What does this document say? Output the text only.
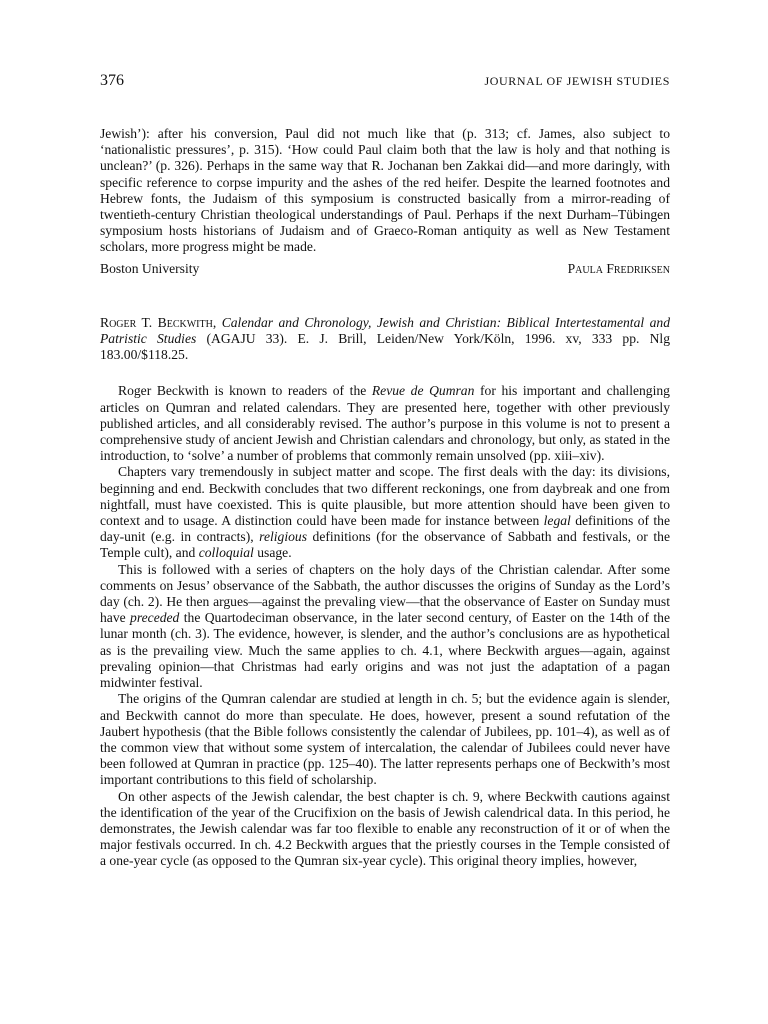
376	JOURNAL OF JEWISH STUDIES

Jewish’): after his conversion, Paul did not much like that (p. 313; cf. James, also subject to ‘nationalistic pressures’, p. 315). ‘How could Paul claim both that the law is holy and that nothing is unclean?’ (p. 326). Perhaps in the same way that R. Jochanan ben Zakkai did—and more daringly, with specific reference to corpse impurity and the ashes of the red heifer. Despite the learned footnotes and Hebrew fonts, the Judaism of this symposium is constructed basically from a mirror-reading of twentieth-century Christian theological understandings of Paul. Perhaps if the next Durham–Tübingen symposium hosts historians of Judaism and of Graeco-Roman antiquity as well as New Testament scholars, more progress might be made.

Boston University	Paula Fredriksen

Roger T. Beckwith, Calendar and Chronology, Jewish and Christian: Biblical Intertestamental and Patristic Studies (AGAJU 33). E. J. Brill, Leiden/New York/Köln, 1996. xv, 333 pp. Nlg 183.00/$118.25.

Roger Beckwith is known to readers of the Revue de Qumran for his important and challenging articles on Qumran and related calendars. They are presented here, together with other previously published articles, and all considerably revised. The author’s purpose in this volume is not to present a comprehensive study of ancient Jewish and Christian calendars and chronology, but only, as stated in the introduction, to ‘solve’ a number of problems that commonly remain unsolved (pp. xiii–xiv).

Chapters vary tremendously in subject matter and scope. The first deals with the day: its divisions, beginning and end. Beckwith concludes that two different reckonings, one from daybreak and one from nightfall, must have coexisted. This is quite plausible, but more attention should have been given to context and to usage. A distinction could have been made for instance between legal definitions of the day-unit (e.g. in contracts), religious definitions (for the observance of Sabbath and festivals, or the Temple cult), and colloquial usage.

This is followed with a series of chapters on the holy days of the Christian calendar. After some comments on Jesus’ observance of the Sabbath, the author discusses the origins of Sunday as the Lord’s day (ch. 2). He then argues—against the prevaling view—that the observance of Easter on Sunday must have preceded the Quartodeciman observance, in the later second century, of Easter on the 14th of the lunar month (ch. 3). The evidence, however, is slender, and the author’s conclusions are as hypothetical as is the prevailing view. Much the same applies to ch. 4.1, where Beckwith argues—again, against prevaling opinion—that Christmas had early origins and was not just the adaptation of a pagan midwinter festival.

The origins of the Qumran calendar are studied at length in ch. 5; but the evidence again is slender, and Beckwith cannot do more than speculate. He does, however, present a sound refutation of the Jaubert hypothesis (that the Bible follows consistently the calendar of Jubilees, pp. 101–4), as well as of the common view that without some system of intercalation, the calendar of Jubilees could never have been followed at Qumran in practice (pp. 125–40). The latter represents perhaps one of Beckwith’s most important contributions to this field of scholarship.

On other aspects of the Jewish calendar, the best chapter is ch. 9, where Beckwith cautions against the identification of the year of the Crucifixion on the basis of Jewish calendrical data. In this period, he demonstrates, the Jewish calendar was far too flexible to enable any reconstruction of it or of when the major festivals occurred. In ch. 4.2 Beckwith argues that the priestly courses in the Temple consisted of a one-year cycle (as opposed to the Qumran six-year cycle). This original theory implies, however,
